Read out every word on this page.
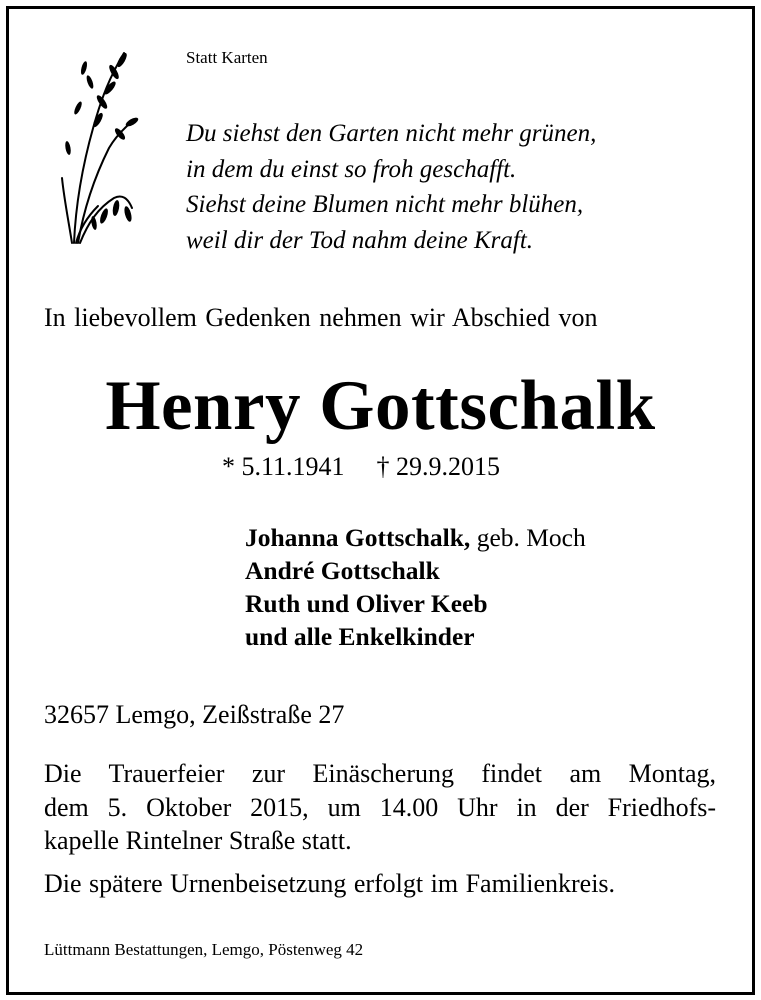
Statt Karten
Du siehst den Garten nicht mehr grünen,
in dem du einst so froh geschafft.
Siehst deine Blumen nicht mehr blühen,
weil dir der Tod nahm deine Kraft.
In liebevollem Gedenken nehmen wir Abschied von
Henry Gottschalk
* 5.11.1941 † 29.9.2015
Johanna Gottschalk, geb. Moch
André Gottschalk
Ruth und Oliver Keeb
und alle Enkelkinder
32657 Lemgo, Zeißstraße 27
Die Trauerfeier zur Einäscherung findet am Montag,
dem 5. Oktober 2015, um 14.00 Uhr in der Friedhofs-
kapelle Rintelner Straße statt.
Die spätere Urnenbeisetzung erfolgt im Familienkreis.
Lüttmann Bestattungen, Lemgo, Pöstenweg 42
